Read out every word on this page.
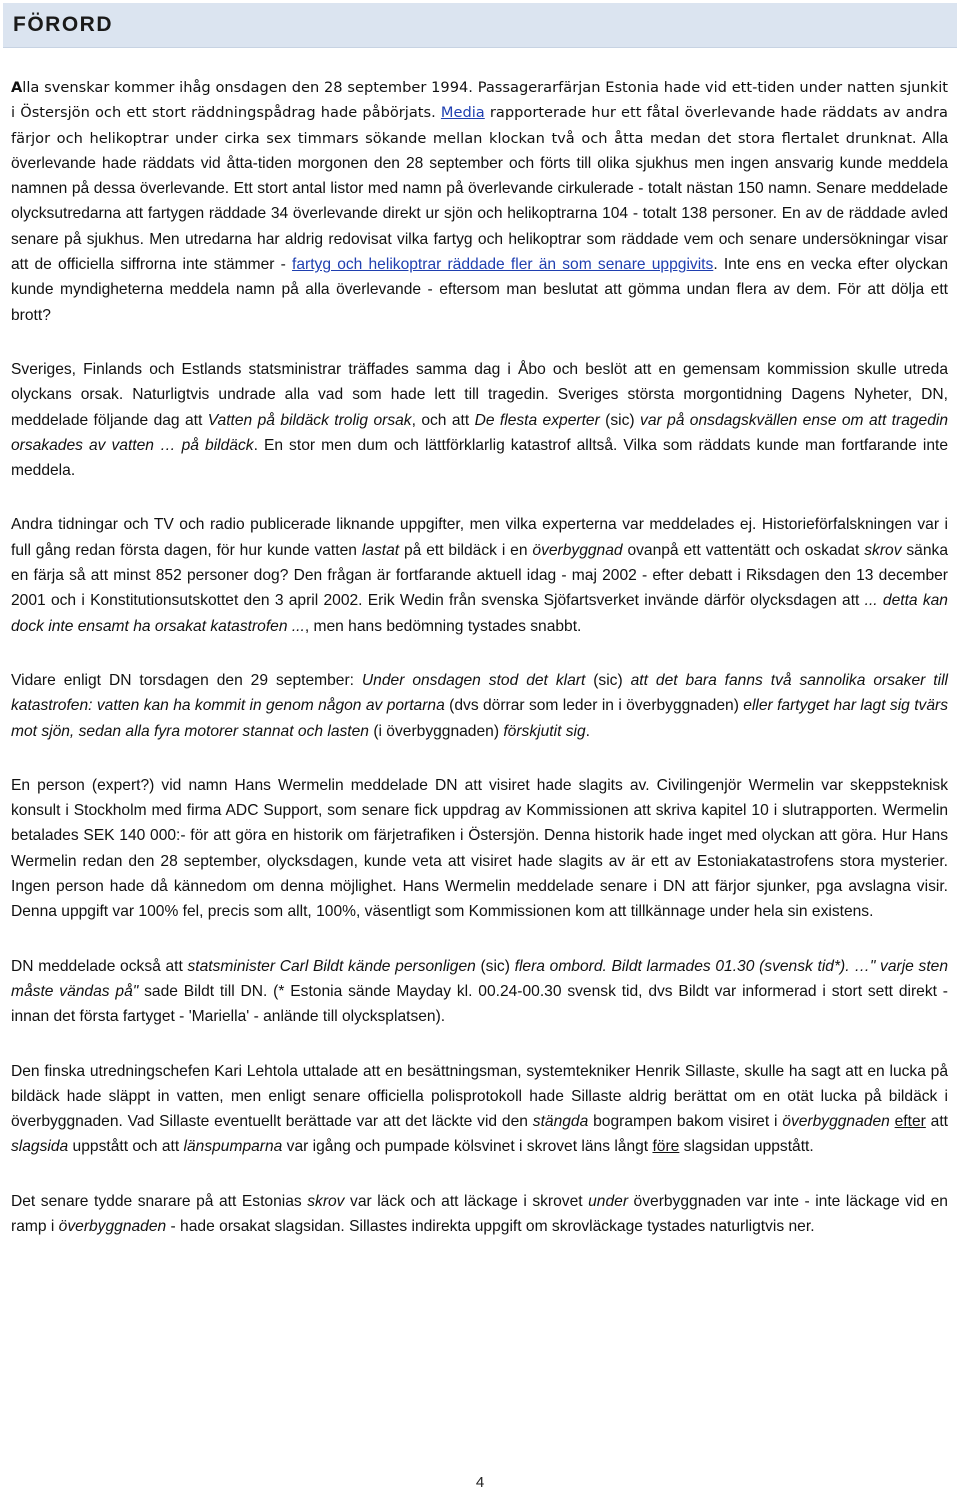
FÖRORD

Alla svenskar kommer ihåg onsdagen den 28 september 1994. Passagerarfärjan Estonia hade vid ett-tiden under natten sjunkit i Östersjön och ett stort räddningspådrag hade påbörjats. Media rapporterade hur ett fåtal överlevande hade räddats av andra färjor och helikoptrar under cirka sex timmars sökande mellan klockan två och åtta medan det stora flertalet drunknat. Alla överlevande hade räddats vid åtta-tiden morgonen den 28 september och förts till olika sjukhus men ingen ansvarig kunde meddela namnen på dessa överlevande. Ett stort antal listor med namn på överlevande cirkulerade - totalt nästan 150 namn. Senare meddelade olycksutredarna att fartygen räddade 34 överlevande direkt ur sjön och helikoptrarna 104 - totalt 138 personer. En av de räddade avled senare på sjukhus. Men utredarna har aldrig redovisat vilka fartyg och helikoptrar som räddade vem och senare undersökningar visar att de officiella siffrorna inte stämmer - fartyg och helikoptrar räddade fler än som senare uppgivits. Inte ens en vecka efter olyckan kunde myndigheterna meddela namn på alla överlevande - eftersom man beslutat att gömma undan flera av dem. För att dölja ett brott?

Sveriges, Finlands och Estlands statsministrar träffades samma dag i Åbo och beslöt att en gemensam kommission skulle utreda olyckans orsak. Naturligtvis undrade alla vad som hade lett till tragedin. Sveriges största morgontidning Dagens Nyheter, DN, meddelade följande dag att Vatten på bildäck trolig orsak, och att De flesta experter (sic) var på onsdagskvällen ense om att tragedin orsakades av vatten … på bildäck. En stor men dum och lättförklarlig katastrof alltså. Vilka som räddats kunde man fortfarande inte meddela.

Andra tidningar och TV och radio publicerade liknande uppgifter, men vilka experterna var meddelades ej. Historieförfalskningen var i full gång redan första dagen, för hur kunde vatten lastat på ett bildäck i en överbyggnad ovanpå ett vattentätt och oskadat skrov sänka en färja så att minst 852 personer dog? Den frågan är fortfarande aktuell idag - maj 2002 - efter debatt i Riksdagen den 13 december 2001 och i Konstitutionsutskottet den 3 april 2002. Erik Wedin från svenska Sjöfartsverket invände därför olycksdagen att ... detta kan dock inte ensamt ha orsakat katastrofen ..., men hans bedömning tystades snabbt.

Vidare enligt DN torsdagen den 29 september: Under onsdagen stod det klart (sic) att det bara fanns två sannolika orsaker till katastrofen: vatten kan ha kommit in genom någon av portarna (dvs dörrar som leder in i överbyggnaden) eller fartyget har lagt sig tvärs mot sjön, sedan alla fyra motorer stannat och lasten (i överbyggnaden) förskjutit sig.

En person (expert?) vid namn Hans Wermelin meddelade DN att visiret hade slagits av. Civilingenjör Wermelin var skeppsteknisk konsult i Stockholm med firma ADC Support, som senare fick uppdrag av Kommissionen att skriva kapitel 10 i slutrapporten. Wermelin betalades SEK 140 000:- för att göra en historik om färjetrafiken i Östersjön. Denna historik hade inget med olyckan att göra. Hur Hans Wermelin redan den 28 september, olycksdagen, kunde veta att visiret hade slagits av är ett av Estoniakatastrofens stora mysterier. Ingen person hade då kännedom om denna möjlighet. Hans Wermelin meddelade senare i DN att färjor sjunker, pga avslagna visir. Denna uppgift var 100% fel, precis som allt, 100%, väsentligt som Kommissionen kom att tillkännage under hela sin existens.

DN meddelade också att statsminister Carl Bildt kände personligen (sic) flera ombord. Bildt larmades 01.30 (svensk tid*). …" varje sten måste vändas på" sade Bildt till DN. (* Estonia sände Mayday kl. 00.24-00.30 svensk tid, dvs Bildt var informerad i stort sett direkt - innan det första fartyget - 'Mariella' - anlände till olycksplatsen).

Den finska utredningschefen Kari Lehtola uttalade att en besättningsman, systemtekniker Henrik Sillaste, skulle ha sagt att en lucka på bildäck hade släppt in vatten, men enligt senare officiella polisprotokoll hade Sillaste aldrig berättat om en otät lucka på bildäck i överbyggnaden. Vad Sillaste eventuellt berättade var att det läckte vid den stängda bogrampen bakom visiret i överbyggnaden efter att slagsida uppstått och att länspumparna var igång och pumpade kölsvinet i skrovet läns långt före slagsidan uppstått.

Det senare tydde snarare på att Estonias skrov var läck och att läckage i skrovet under överbyggnaden var inte - inte läckage vid en ramp i överbyggnaden - hade orsakat slagsidan. Sillastes indirekta uppgift om skrovläckage tystades naturligtvis ner.

4
